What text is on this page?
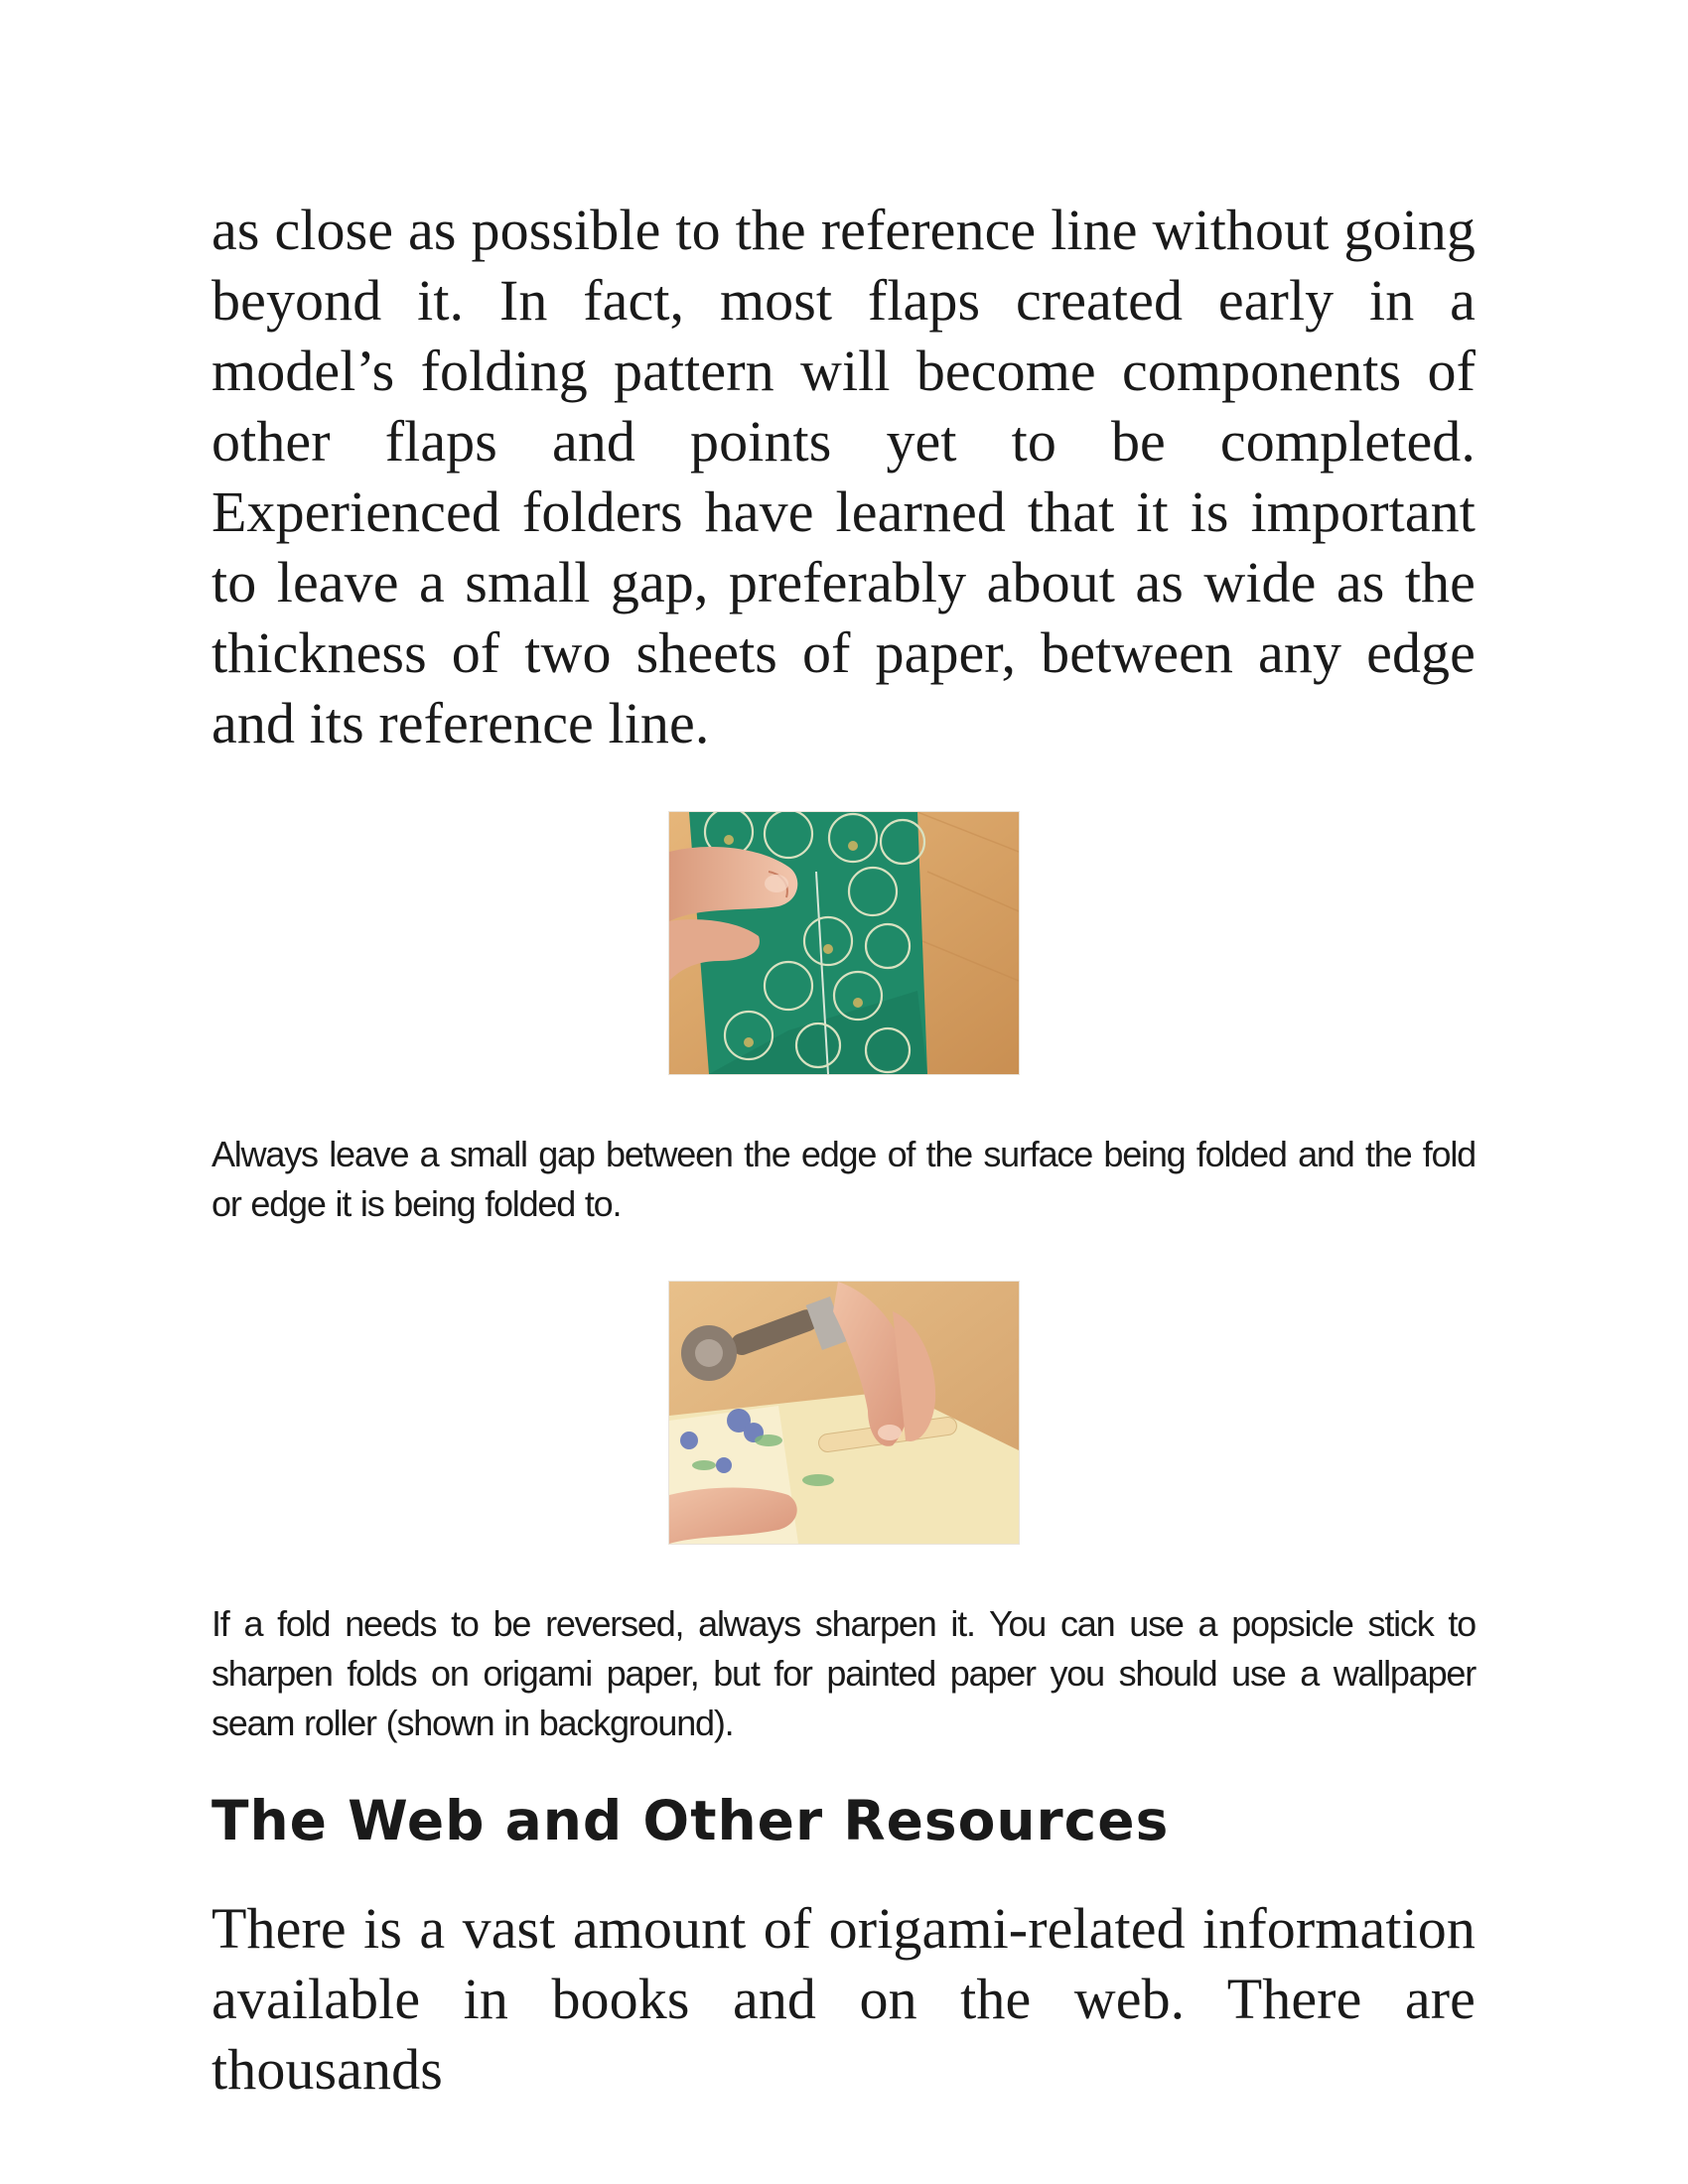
as close as possible to the reference line without going beyond it. In fact, most flaps created early in a model’s folding pattern will become components of other flaps and points yet to be completed. Experienced folders have learned that it is important to leave a small gap, preferably about as wide as the thickness of two sheets of paper, between any edge and its reference line.

Always leave a small gap between the edge of the surface being folded and the fold or edge it is being folded to.

If a fold needs to be reversed, always sharpen it. You can use a popsicle stick to sharpen folds on origami paper, but for painted paper you should use a wallpaper seam roller (shown in background).

The Web and Other Resources

There is a vast amount of origami-related information available in books and on the web. There are thousands
